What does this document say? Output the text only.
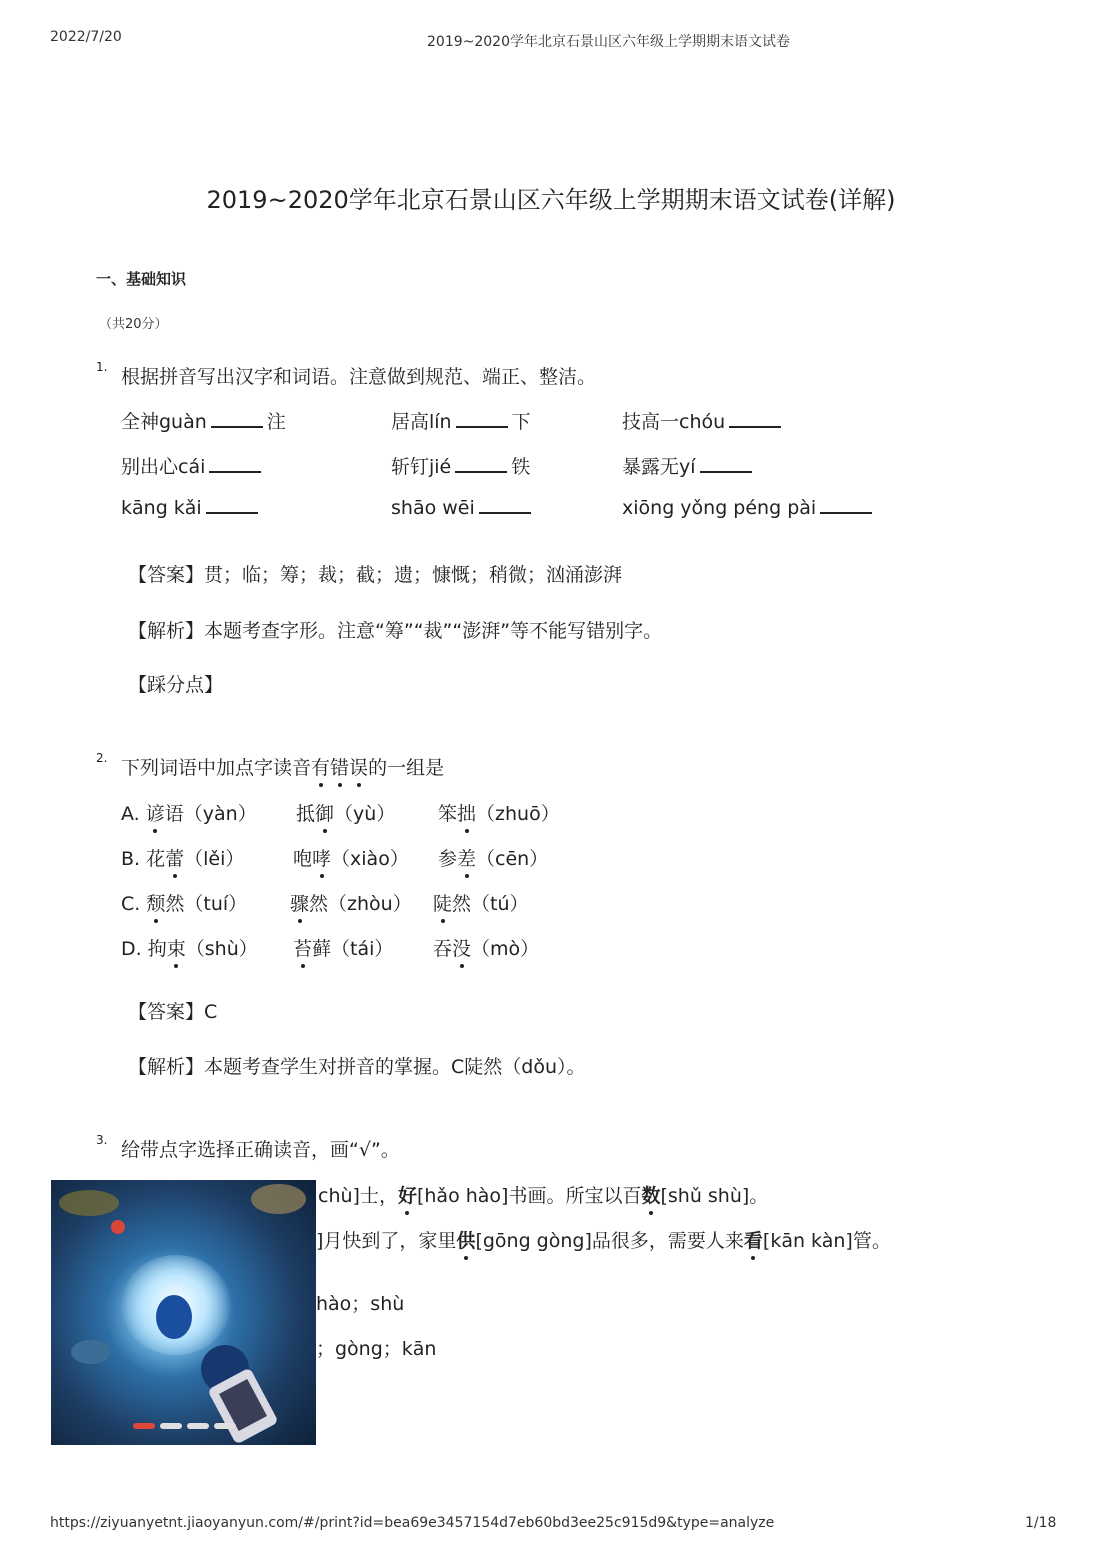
2022/7/20	2019~2020学年北京石景山区六年级上学期期末语文试卷
2019~2020学年北京石景山区六年级上学期期末语文试卷(详解)
一、基础知识
（共20分）
1. 根据拼音写出汉字和词语。注意做到规范、端正、整洁。
全神guàn	注	居高lín	下	技高一chóu
别出心cái	斩钉jié	铁	暴露无yí
kāng kǎi	shāo wēi	xiōng yǒng péng pài
【答案】贯；临；筹；裁；截；遗；慷慨；稍微；汹涌澎湃
【解析】本题考查字形。注意“筹”“裁”“澎湃”等不能写错别字。
【踩分点】
2. 下列词语中加点字读音有错误的一组是
A. 谚语（yàn） 抵御（yù） 笨拙（zhuō）
B. 花蕾（lěi）	咆哮（xiào） 参差（cēn）
C. 颓然（tuí） 骤然（zhòu） 陡然（tú）
D. 拘束（shù） 苔藓（tái） 吞没（mò）
【答案】C
【解析】本题考查学生对拼音的掌握。C陡然（dǒu）。
3. 给带点字选择正确读音，画“√”。
chù]士，好[hǎo hào]书画。所宝以百数[shǔ shù]。
]月快到了，家里供[gōng gòng]品很多，需要人来看[kān kàn]管。
hào；shù
；gòng；kān
https://ziyuanyetnt.jiaoyanyun.com/#/print?id=bea69e3457154d7eb60bd3ee25c915d9&type=analyze	1/18
